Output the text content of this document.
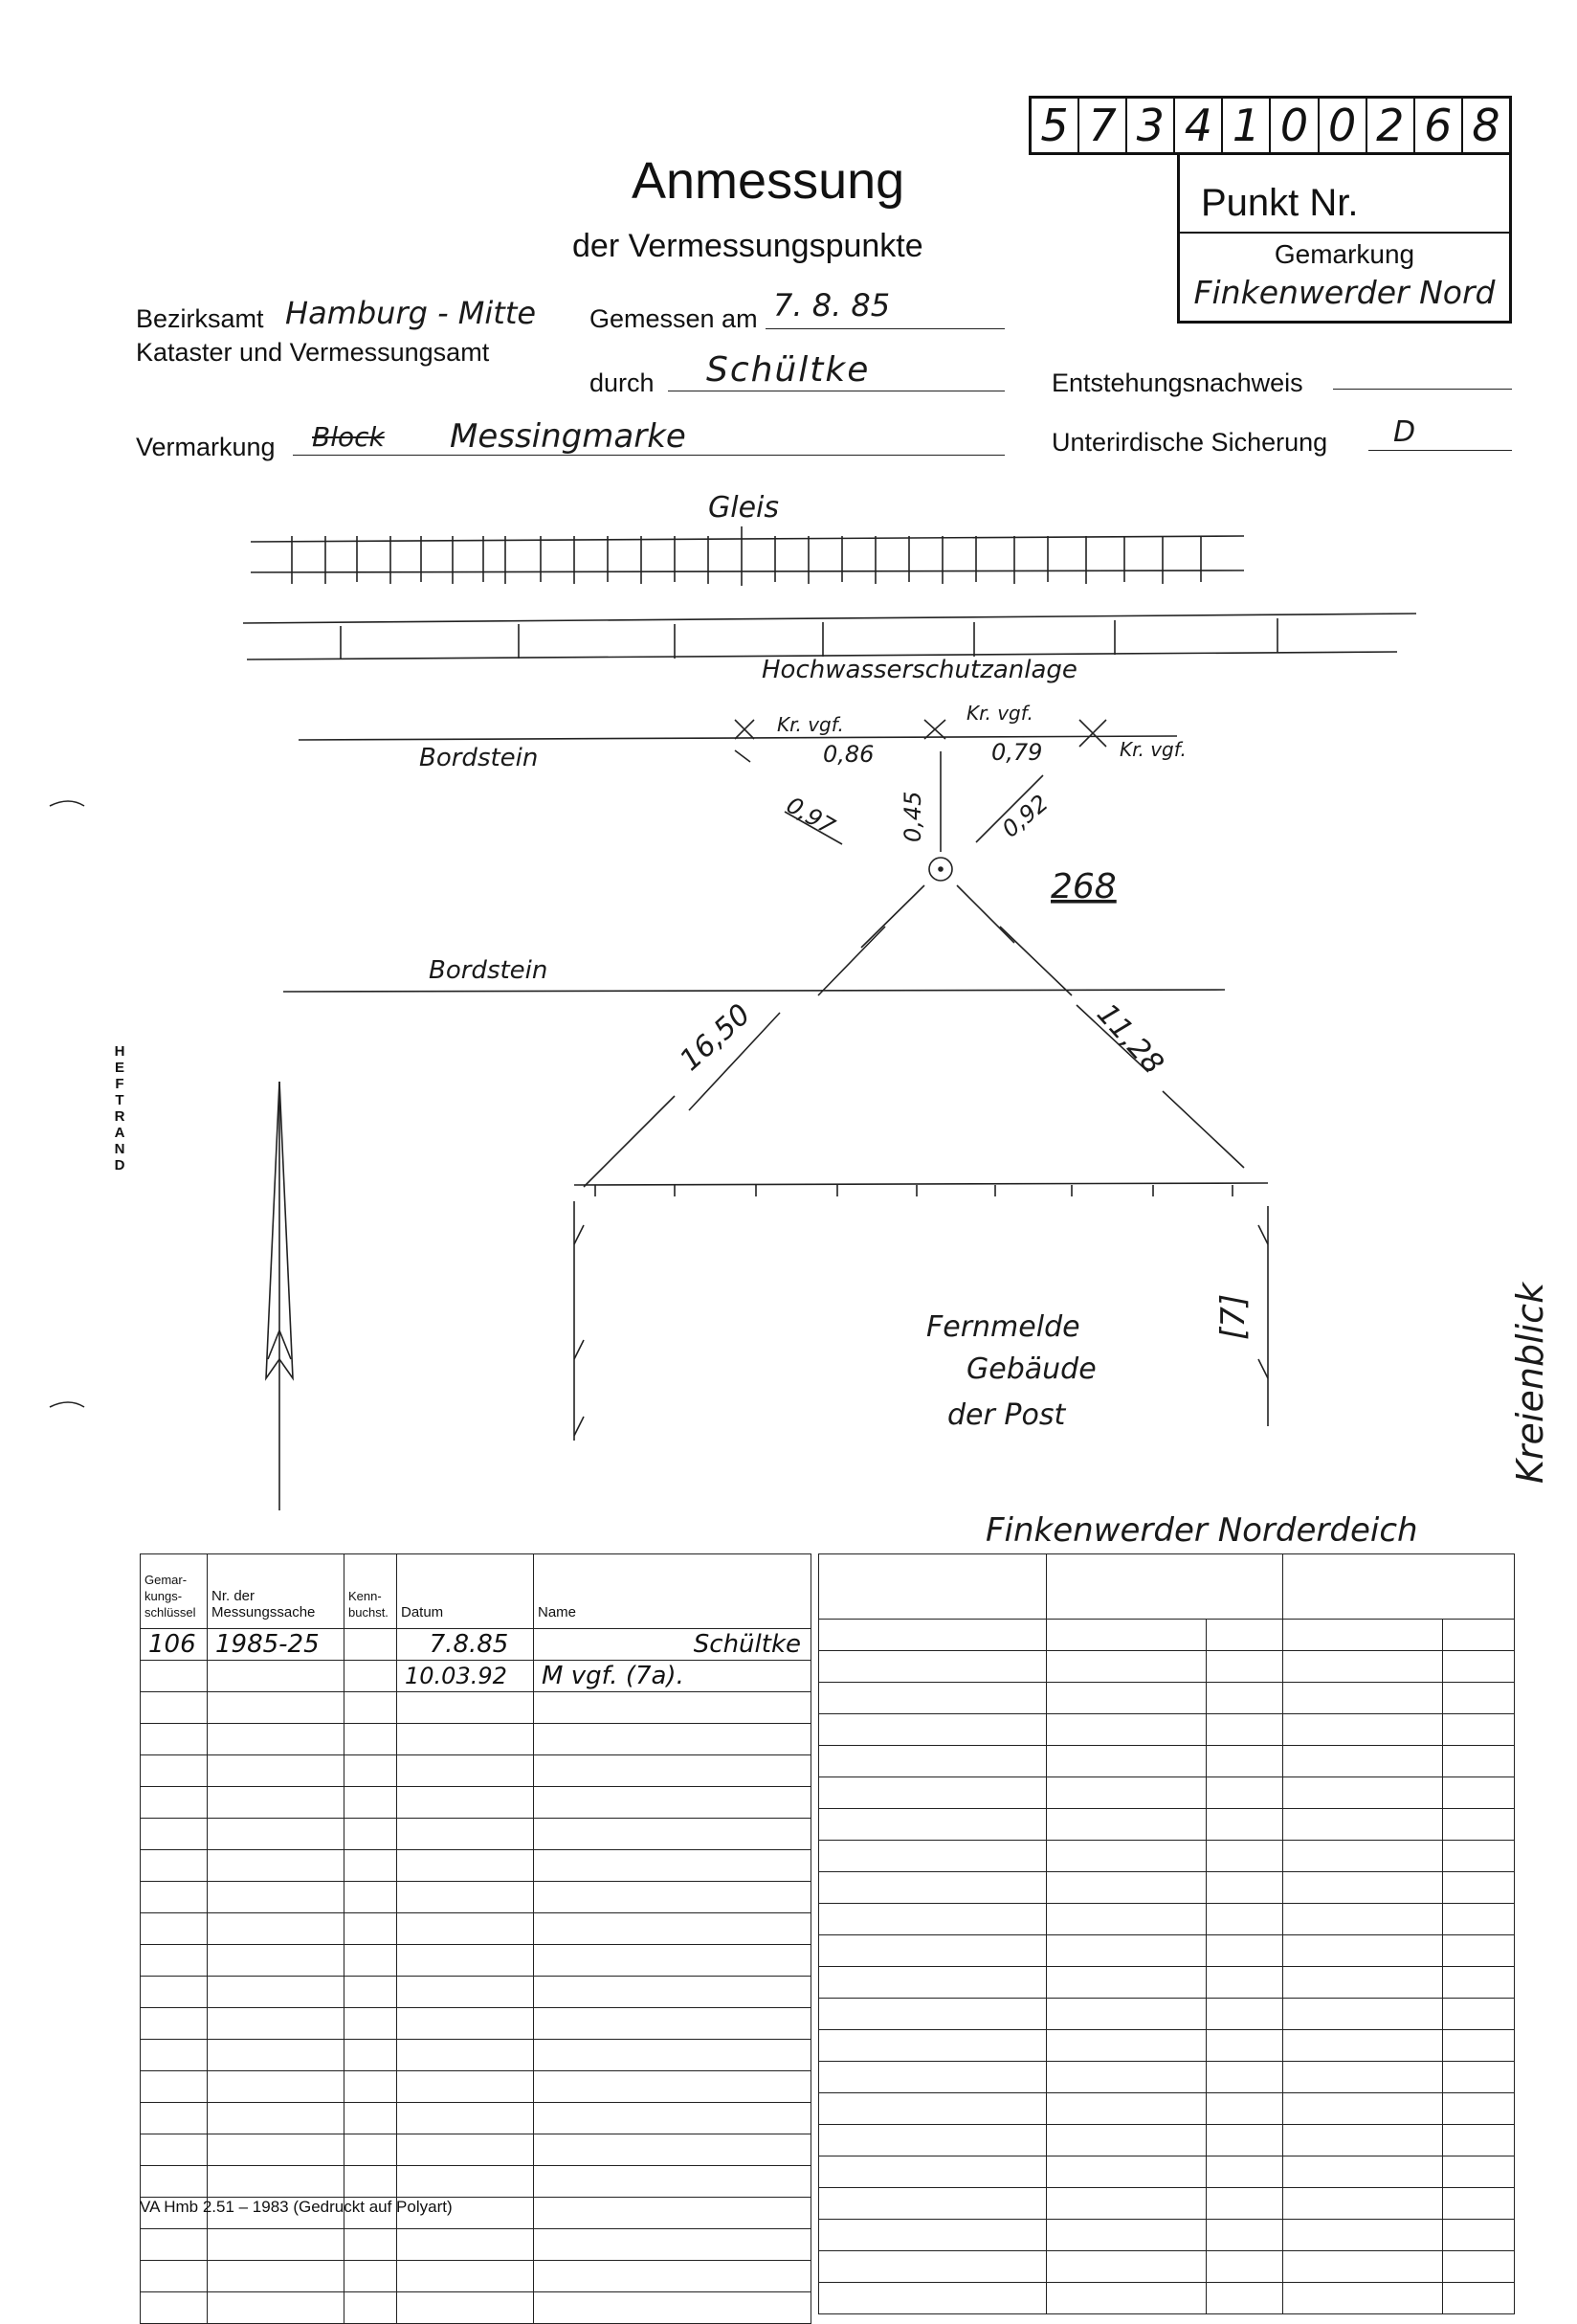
5 7 3 4 1 0 0 2 6 8
Punkt Nr.
Gemarkung
Finkenwerder Nord
Anmessung
der Vermessungspunkte
Bezirksamt Hamburg - Mitte
Kataster und Vermessungsamt
Gemessen am 7. 8. 85
durch Schültke	Entstehungsnachweis
Vermarkung Block Messingmarke	Unterirdische Sicherung D
Gleis
Hochwasserschutzanlage
Bordstein
Bordstein
Kr. vgf.	Kr. vgf.
Kr. vgf.
0,86	0,79
0,97	0,45	0,92
268
16,50	11,28
Fernmelde
Gebäude
der Post
[7]	Kreienblick
Finkenwerder Norderdeich
HEFTRAND
Gemar-kungs-schlüssel	Nr. der Messungssache	Kenn-buchst.	Datum	Name
106	1985-25		7.8.85	Schültke
			10.03.92	M vgf. (7a).

VA Hmb 2.51 – 1983 (Gedruckt auf Polyart)
